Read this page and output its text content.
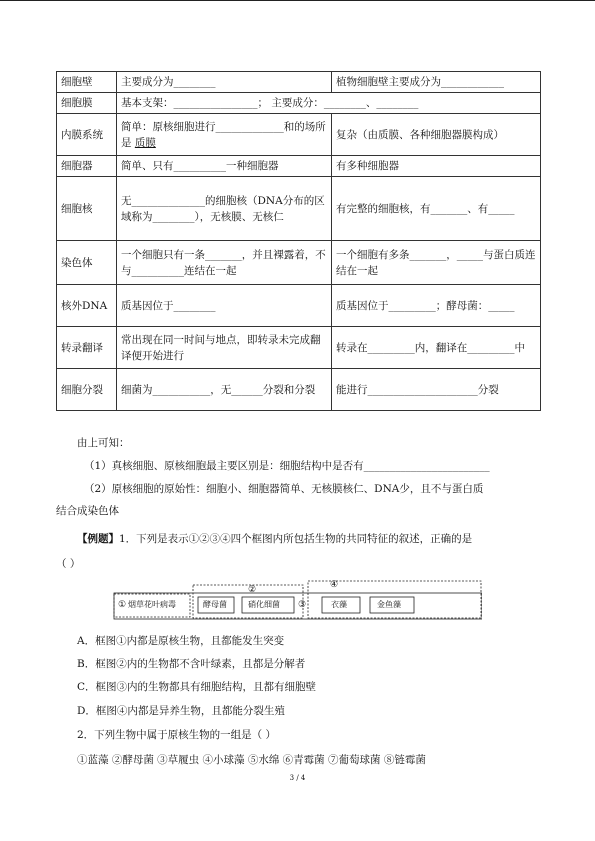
细胞壁	主要成分为________	植物细胞壁主要成分为____________
细胞膜	基本支架：________________； 主要成分：________、________	
内膜系统	简单：原核细胞进行_____________和的场所是 质膜	复杂（由质膜、各种细胞器膜构成）
细胞器	简单、只有__________一种细胞器	有多种细胞器
细胞核	无______________的细胞核（DNA分布的区域称为________），无核膜、无核仁	有完整的细胞核，有_______、有_____
染色体	一个细胞只有一条_______，并且裸露着，不与__________连结在一起	一个细胞有多条_______，_____与蛋白质连结在一起
核外DNA	质基因位于________	质基因位于_________；酵母菌：_____
转录翻译	常出现在同一时间与地点，即转录未完成翻译便开始进行	转录在_________内，翻译在_________中
细胞分裂	细菌为___________，无______分裂和分裂	能进行_____________________分裂
由上可知：
（1）真核细胞、原核细胞最主要区别是：细胞结构中是否有________________________
（2）原核细胞的原始性：细胞小、细胞器简单、无核膜核仁、DNA少，且不与蛋白质
结合成染色体
【例题】1．下列是表示①②③④四个框图内所包括生物的共同特征的叙述，正确的是
（ ）
① 烟草花叶病毒
②
酵母菌	硝化细菌 ③
④
衣藻	金鱼藻
A．框图①内都是原核生物，且都能发生突变
B．框图②内的生物都不含叶绿素，且都是分解者
C．框图③内的生物都具有细胞结构，且都有细胞壁
D．框图④内都是异养生物，且都能分裂生殖
2．下列生物中属于原核生物的一组是（ ）
①蓝藻 ②酵母菌 ③草履虫 ④小球藻 ⑤水绵 ⑥青霉菌 ⑦葡萄球菌 ⑧链霉菌
3 / 4
